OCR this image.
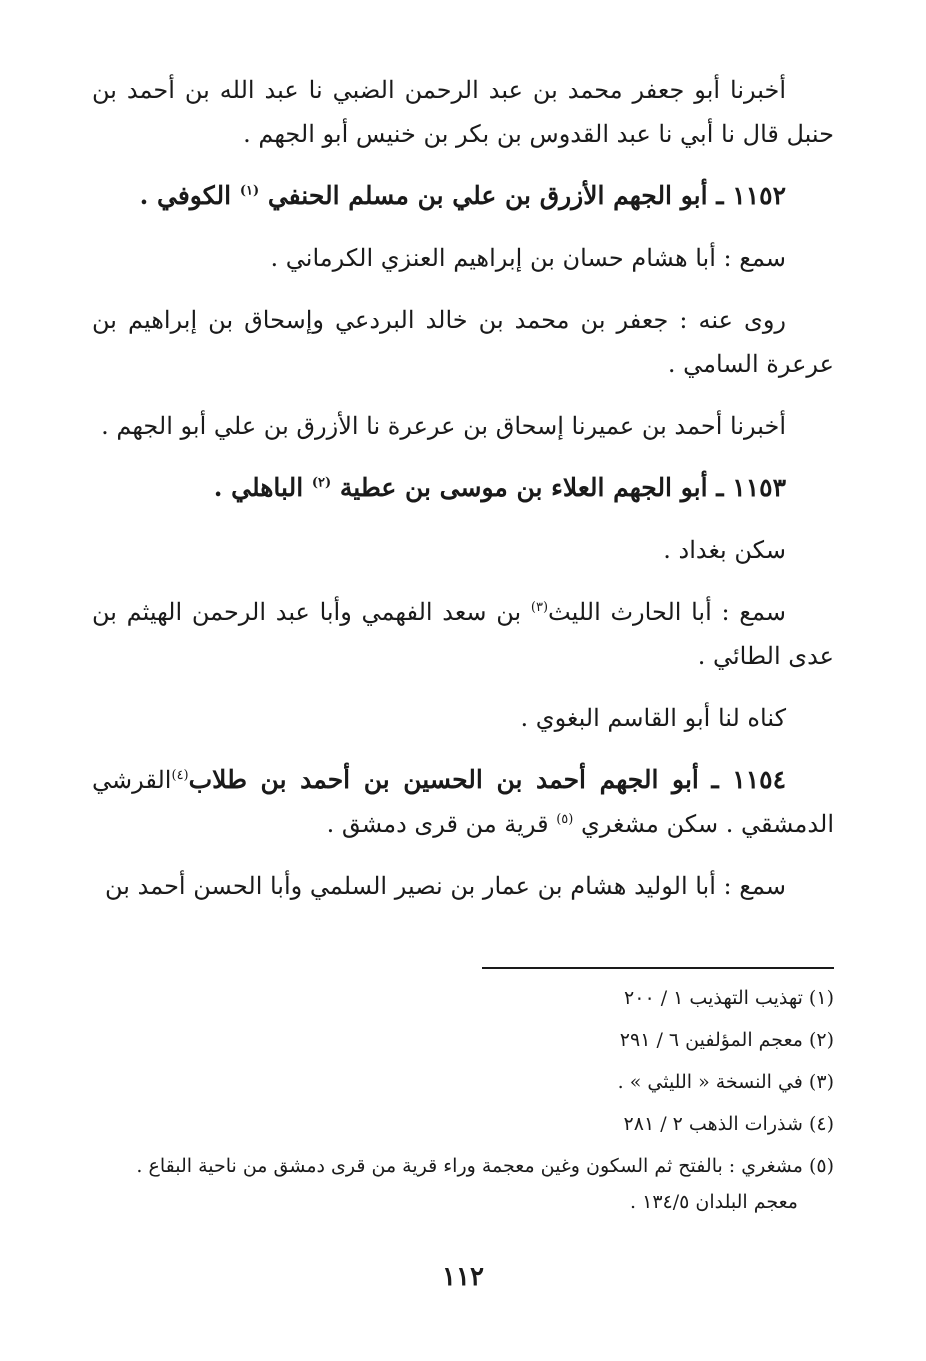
أخبرنا أبو جعفر محمد بن عبد الرحمن الضبي نا عبد الله بن أحمد بن حنبل قال نا أبي نا عبد القدوس بن بكر بن خنيس أبو الجهم .

١١٥٢ ـ أبو الجهم الأزرق بن علي بن مسلم الحنفي $^{(١)}$ الكوفي .

سمع : أبا هشام حسان بن إبراهيم العنزي الكرماني .

روى عنه : جعفر بن محمد بن خالد البردعي وإسحاق بن إبراهيم بن عرعرة السامي .

أخبرنا أحمد بن عميرنا إسحاق بن عرعرة نا الأزرق بن علي أبو الجهم .

١١٥٣ ـ أبو الجهم العلاء بن موسى بن عطية $^{(٢)}$ الباهلي .

سكن بغداد .

سمع : أبا الحارث الليث$^{(٣)}$ بن سعد الفهمي وأبا عبد الرحمن الهيثم بن عدى الطائي .

كناه لنا أبو القاسم البغوي .

١١٥٤ ـ أبو الجهم أحمد بن الحسين بن أحمد بن طلاب$^{(٤)}$القرشي الدمشقي . سكن مشغري $^{(٥)}$ قرية من قرى دمشق .

سمع : أبا الوليد هشام بن عمار بن نصير السلمي وأبا الحسن أحمد بن

(١) تهذيب التهذيب ١ / ٢٠٠

(٢) معجم المؤلفين ٦ / ٢٩١

(٣) في النسخة « الليثي » .

(٤) شذرات الذهب ٢ / ٢٨١

(٥) مشغري : بالفتح ثم السكون وغين معجمة وراء قرية من قرى دمشق من ناحية البقاع .

معجم البلدان ١٣٤/٥ .

١١٢
